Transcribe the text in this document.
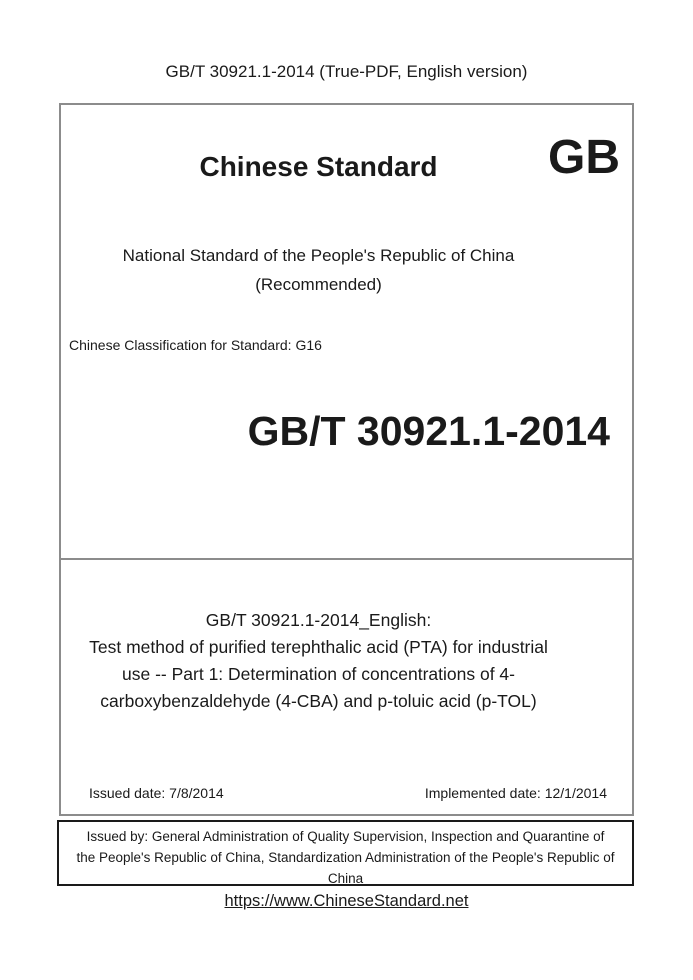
GB/T 30921.1-2014 (True-PDF, English version)
Chinese Standard	GB
National Standard of the People's Republic of China
(Recommended)
Chinese Classification for Standard: G16
GB/T 30921.1-2014
GB/T 30921.1-2014_English:
Test method of purified terephthalic acid (PTA) for industrial
use -- Part 1: Determination of concentrations of 4-
carboxybenzaldehyde (4-CBA) and p-toluic acid (p-TOL)
Issued date: 7/8/2014	Implemented date: 12/1/2014
Issued by: General Administration of Quality Supervision, Inspection and Quarantine of
the People's Republic of China, Standardization Administration of the People's Republic of
China
https://www.ChineseStandard.net
